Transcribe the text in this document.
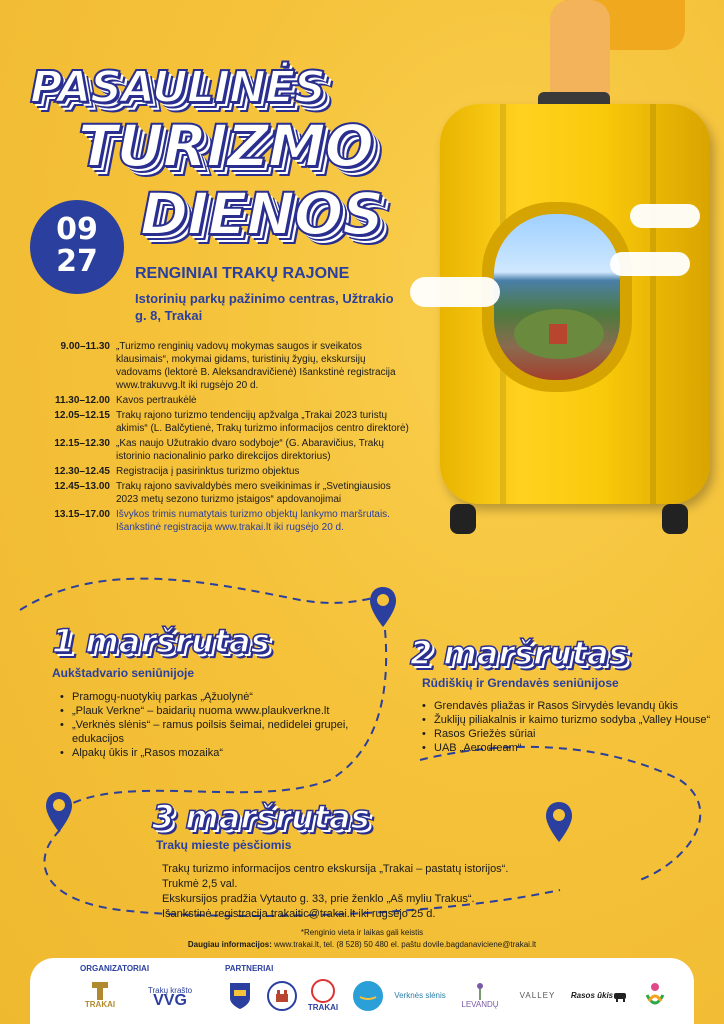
PASAULINĖS
TURIZMO
DIENOS
09
27	RENGINIAI TRAKŲ RAJONE
Istorinių parkų pažinimo centras, Užtrakio g. 8, Trakai
9.00–11.30 „Turizmo renginių vadovų mokymas saugos ir sveikatos klausimais“, mokymai gidams, turistinių žygių, ekskursijų vadovams (lektorė B. Aleksandravičienė) Išankstinė registracija www.trakuvvg.lt iki rugsėjo 20 d.
11.30–12.00 Kavos pertraukėlė
12.05–12.15 Trakų rajono turizmo tendencijų apžvalga „Trakai 2023 turistų akimis“ (L. Balčytienė, Trakų turizmo informacijos centro direktorė)
12.15–12.30 „Kas naujo Užutrakio dvaro sodyboje“ (G. Abaravičius, Trakų istorinio nacionalinio parko direkcijos direktorius)
12.30–12.45 Registracija į pasirinktus turizmo objektus
12.45–13.00 Trakų rajono savivaldybės mero sveikinimas ir „Svetingiausios 2023 metų sezono turizmo įstaigos“ apdovanojimai
13.15–17.00 Išvykos trimis numatytais turizmo objektų lankymo maršrutais. Išankstinė registracija www.trakai.lt iki rugsėjo 20 d.
1 maršrutas
Aukštadvario seniūnijoje
• Pramogų-nuotykių parkas „Ąžuolynė“
• „Plauk Verkne“ – baidarių nuoma www.plaukverkne.lt
• „Verknės slėnis“ – ramus poilsis šeimai, nedidelei grupei, edukacijos
• Alpakų ūkis ir „Rasos mozaika“
2 maršrutas
Rūdiškių ir Grendavės seniūnijose
• Grendavės pliažas ir Rasos Sirvydės levandų ūkis
• Žuklijų piliakalnis ir kaimo turizmo sodyba „Valley House“
• Rasos Griežės sūriai
• UAB „Aerodream“
3 maršrutas
Trakų mieste pėsčiomis
Trakų turizmo informacijos centro ekskursija „Trakai – pastatų istorijos“.
Trukmė 2,5 val.
Ekskursijos pradžia Vytauto g. 33, prie ženklo „Aš myliu Trakus“.
Išankstinė registracija trakaitic@trakai.lt iki rugsėjo 25 d.
*Renginio vieta ir laikas gali keistis
Daugiau informacijos: www.trakai.lt, tel. (8 528) 50 480 el. paštu dovile.bagdanaviciene@trakai.lt
ORGANIZATORIAI	PARTNERIAI
TRAKAI
Trakų krašto
VVG	TRAKAI
Verknės slėnis
LEVANDŲ
VALLEY	Rasos ūkis
